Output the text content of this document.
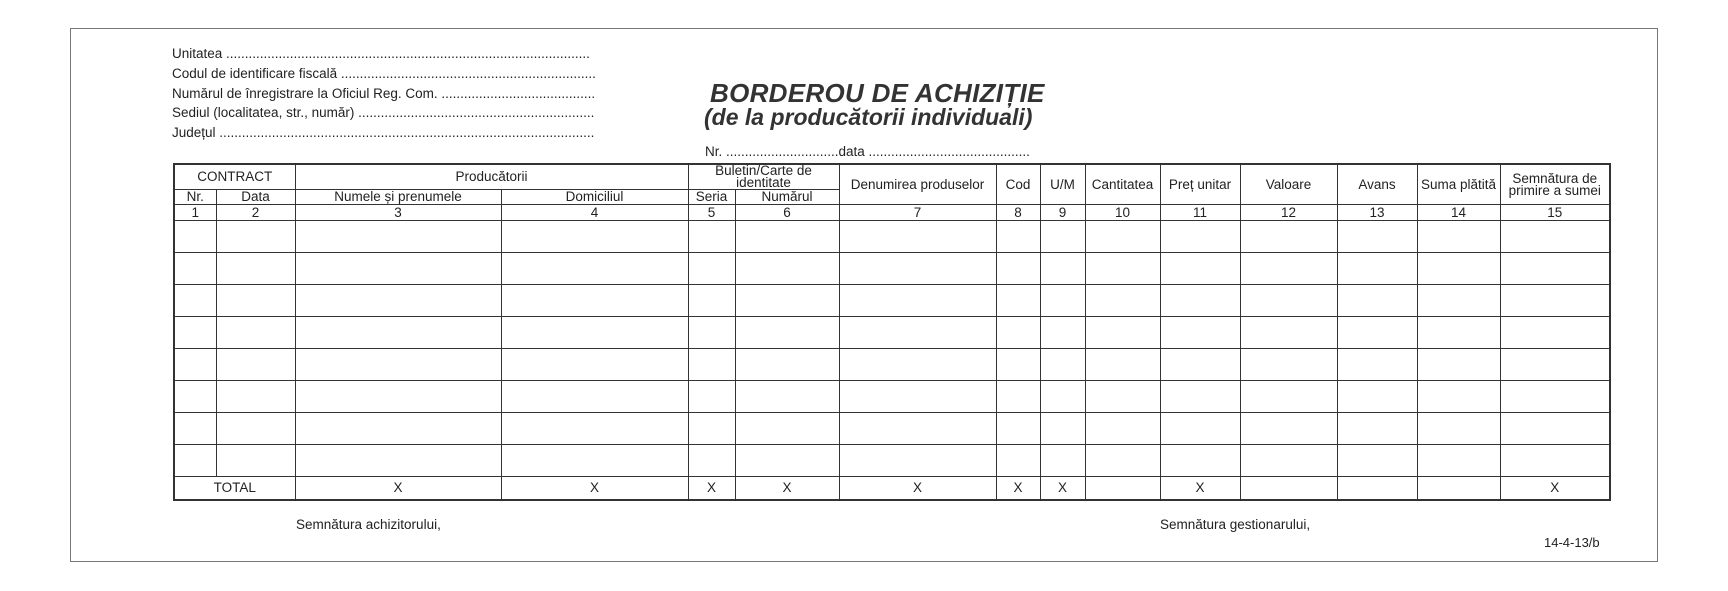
Unitatea .................................................................................................
Codul de identificare fiscală ....................................................................
Numărul de înregistrare la Oficiul Reg. Com. .........................................
Sediul (localitatea, str., număr) ...............................................................
Județul ....................................................................................................
BORDEROU DE ACHIZIȚIE
(de la producătorii individuali)
Nr. ..............................data ...........................................
CONTRACT		Producătorii		Buletin/Carte de identitate		Denumirea produselor	Cod	U/M	Cantitatea	Preț unitar	Valoare	Avans	Suma plătită	Semnătura de primire a sumei
Nr.	Data	Numele și prenumele	Domiciliul	Seria	Numărul									
1	2	3	4	5	6	7	8	9	10	11	12	13	14	15

TOTAL		X	X	X	X	X	X	X		X				X
Semnătura achizitorului,	Semnătura gestionarului,
14-4-13/b
